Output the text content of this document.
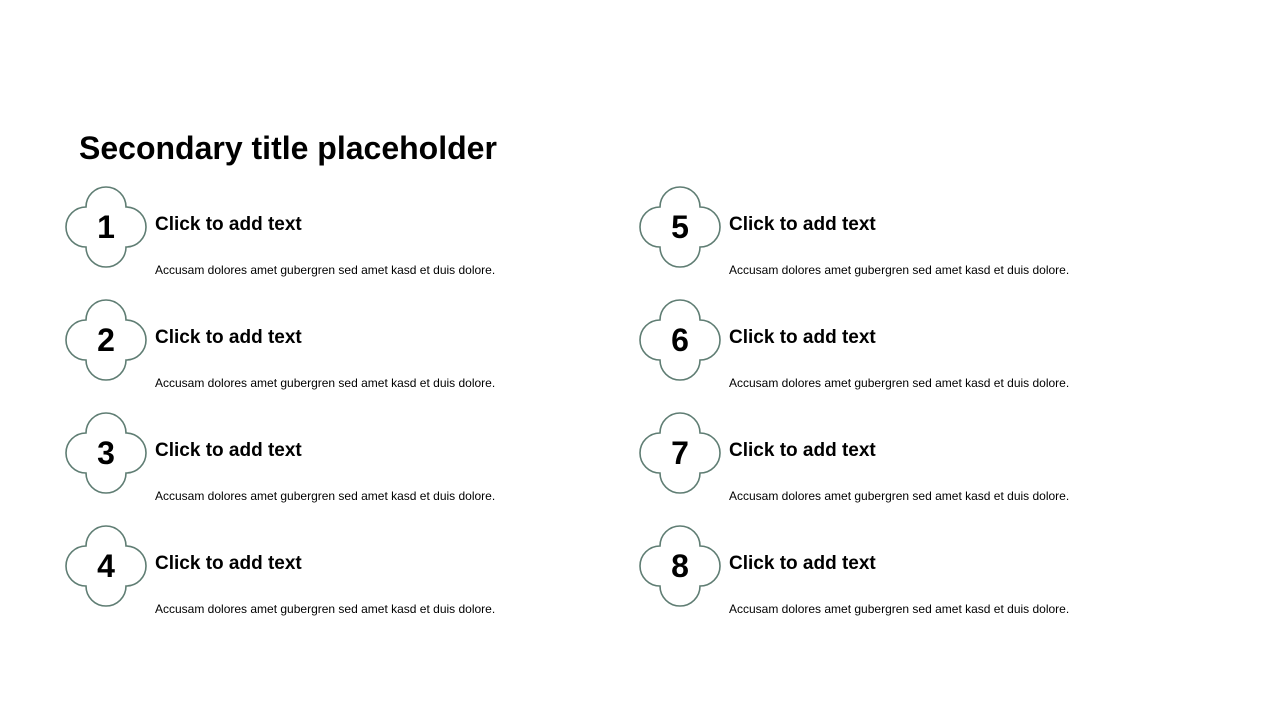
Secondary title placeholder
1	Click to add text
Accusam dolores amet gubergren sed amet kasd et duis dolore.
2	Click to add text
Accusam dolores amet gubergren sed amet kasd et duis dolore.
3	Click to add text
Accusam dolores amet gubergren sed amet kasd et duis dolore.
4	Click to add text
Accusam dolores amet gubergren sed amet kasd et duis dolore.
5	Click to add text
Accusam dolores amet gubergren sed amet kasd et duis dolore.
6	Click to add text
Accusam dolores amet gubergren sed amet kasd et duis dolore.
7	Click to add text
Accusam dolores amet gubergren sed amet kasd et duis dolore.
8	Click to add text
Accusam dolores amet gubergren sed amet kasd et duis dolore.
